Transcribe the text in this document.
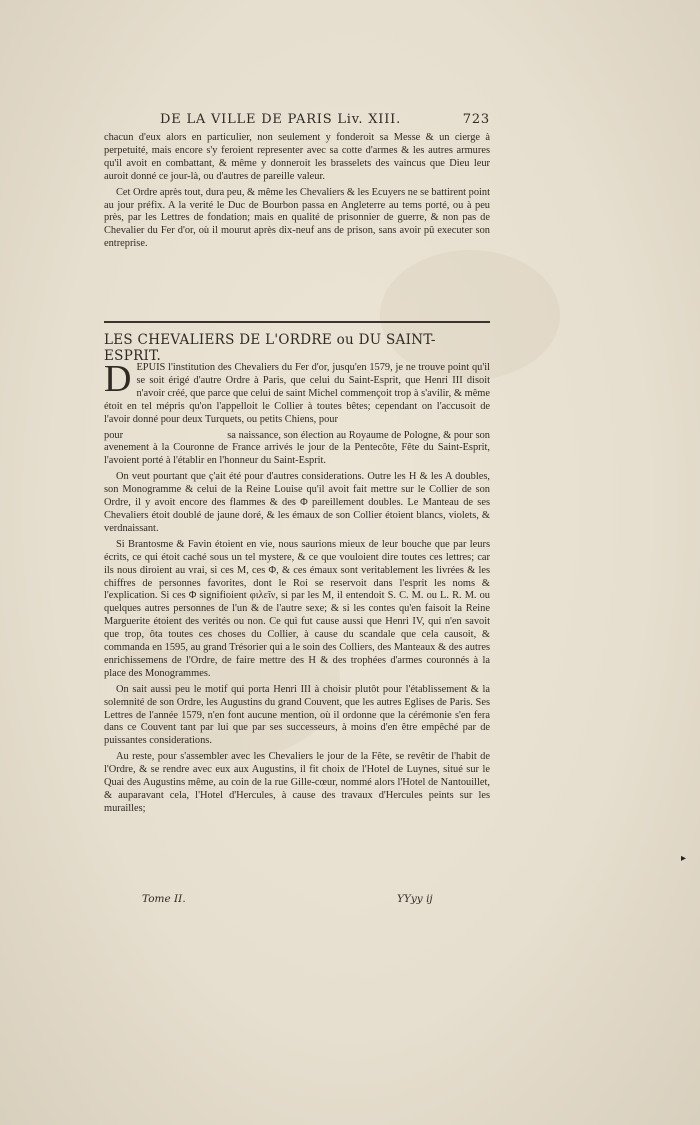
DE LA VILLE DE PARIS Liv. XIII.	723

chacun d'eux alors en particulier, non seulement y fonderoit sa Messe & un cierge à perpetuité, mais encore s'y feroient representer avec sa cotte d'armes & les autres armures qu'il avoit en combattant, & même y donneroit les brasselets des vaincus que Dieu leur auroit donné ce jour-là, ou d'autres de pareille valeur.

Cet Ordre après tout, dura peu, & même les Chevaliers & les Ecuyers ne se battirent point au jour préfix. A la verité le Duc de Bourbon passa en Angleterre au tems porté, ou à peu près, par les Lettres de fondation; mais en qualité de prisonnier de guerre, & non pas de Chevalier du Fer d'or, où il mourut après dix-neuf ans de prison, sans avoir pû executer son entreprise.

LES CHEVALIERS DE L'ORDRE ou DU SAINT-ESPRIT.

D EPUIS l'institution des Chevaliers du Fer d'or, jusqu'en 1579, je ne trouve point qu'il se soit érigé d'autre Ordre à Paris, que celui du Saint-Esprit, que Henri III disoit n'avoir créé, que parce que celui de saint Michel commençoit trop à s'avilir, & même étoit en tel mépris qu'on l'appelloit le Collier à toutes bêtes; cependant on l'accusoit de l'avoir donné pour deux Turquets, ou petits Chiens, pour

pour                                       sa naissance, son élection au Royaume de Pologne, & pour son avenement à la Couronne de France arrivés le jour de la Pentecôte, Fête du Saint-Esprit, l'avoient porté à l'établir en l'honneur du Saint-Esprit.

On veut pourtant que ç'ait été pour d'autres considerations. Outre les H & les A doubles, son Monogramme & celui de la Reine Louise qu'il avoit fait mettre sur le Collier de son Ordre, il y avoit encore des flammes & des Φ pareillement doubles. Le Manteau de ses Chevaliers étoit doublé de jaune doré, & les émaux de son Collier étoient blancs, violets, & verdnaissant.

Si Brantosme & Favin étoient en vie, nous saurions mieux de leur bouche que par leurs écrits, ce qui étoit caché sous un tel mystere, & ce que vouloient dire toutes ces lettres; car ils nous diroient au vrai, si ces M, ces Φ, & ces émaux sont veritablement les livrées & les chiffres de personnes favorites, dont le Roi se reservoit dans l'esprit les noms & l'explication. Si ces Φ signifioient φιλεῖν, si par les M, il entendoit S. C. M. ou L. R. M. ou quelques autres personnes de l'un & de l'autre sexe; & si les contes qu'en faisoit la Reine Marguerite étoient des verités ou non. Ce qui fut cause aussi que Henri IV, qui n'en savoit que trop, ôta toutes ces choses du Collier, à cause du scandale que cela causoit, & commanda en 1595, au grand Trésorier qui a le soin des Colliers, des Manteaux & des autres enrichissemens de l'Ordre, de faire mettre des H & des trophées d'armes couronnés à la place des Monogrammes.

On sait aussi peu le motif qui porta Henri III à choisir plutôt pour l'établissement & la solemnité de son Ordre, les Augustins du grand Couvent, que les autres Eglises de Paris. Ses Lettres de l'année 1579, n'en font aucune mention, où il ordonne que la cérémonie s'en fera dans ce Couvent tant par lui que par ses successeurs, à moins d'en être empêché par de puissantes considerations.

Au reste, pour s'assembler avec les Chevaliers le jour de la Fête, se revêtir de l'habit de l'Ordre, & se rendre avec eux aux Augustins, il fit choix de l'Hotel de Luynes, situé sur le Quai des Augustins même, au coin de la rue Gille-cœur, nommé alors l'Hotel de Nantouillet, & auparavant cela, l'Hotel d'Hercules, à cause des travaux d'Hercules peints sur les murailles;

Tome II.	YYyy ij
▸
